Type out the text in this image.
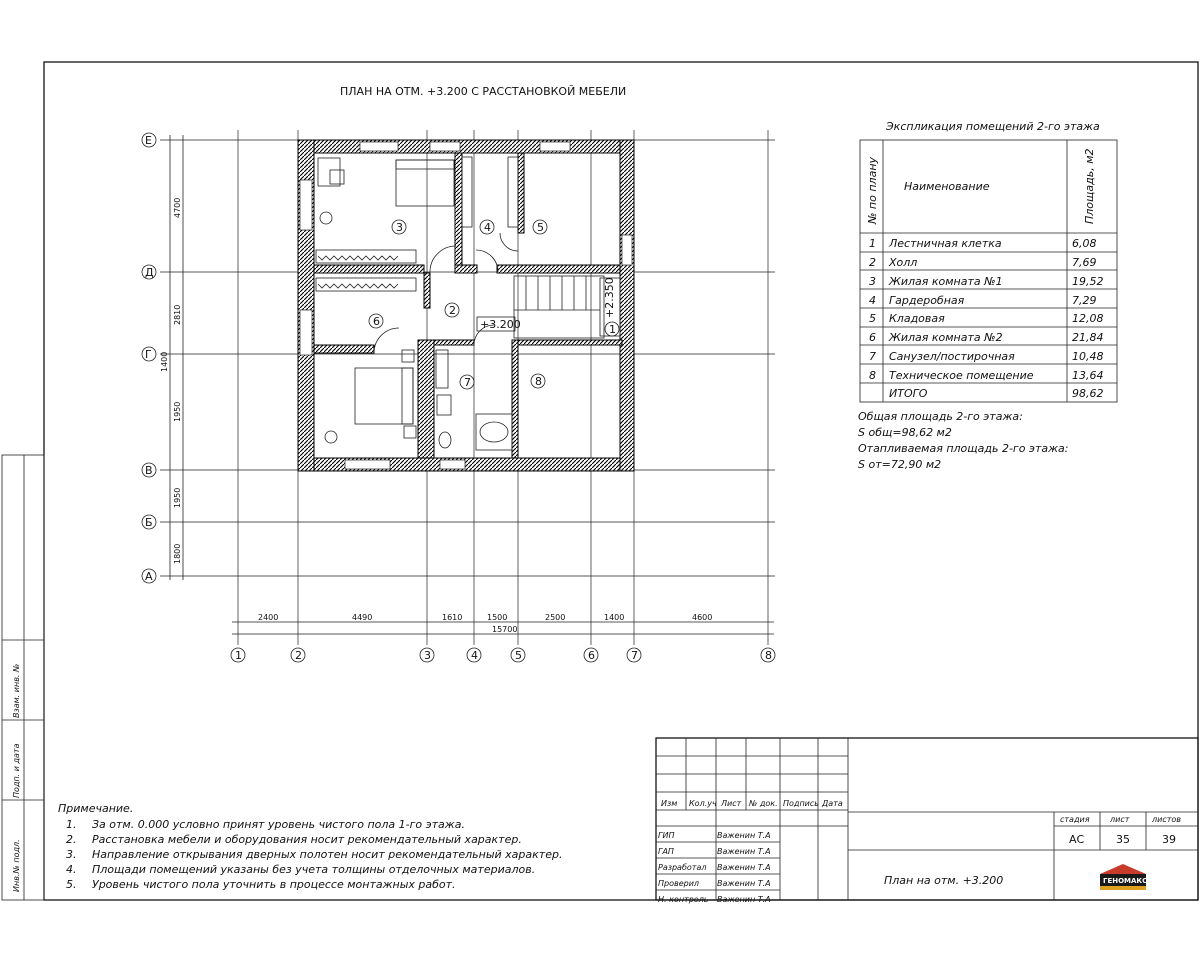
Взам. инв. №
Подп. и дата
Инв.№ подл.
ПЛАН НА ОТМ. +3.200 С РАССТАНОВКОЙ МЕБЕЛИ
Е
Д
Г
В
Б
А
1	2	3	4	5	6	7	8
4700
2810
1400
1950
1950
1800
2400	4490	1610	1500	2500	1400	4600
15700
1
2
3	4	5
6
7	8
+3.200
+2.350
Экспликация помещений 2-го этажа
№ по плану Наименование	Площадь, м2
1 Лестничная клетка	6,08
2 Холл	7,69
3 Жилая комната №1	19,52
4 Гардеробная	7,29
5 Кладовая	12,08
6 Жилая комната №2	21,84
7 Санузел/постирочная	10,48
8 Техническое помещение	13,64
ИТОГО	98,62
Общая площадь 2-го этажа:
S общ=98,62 м2
Отапливаемая площадь 2-го этажа:
S от=72,90 м2
Примечание.
1. За отм. 0.000 условно принят уровень чистого пола 1-го этажа.
2. Расстановка мебели и оборудования носит рекомендательный характер.
3. Направление открывания дверных полотен носит рекомендательный характер.
4. Площади помещений указаны без учета толщины отделочных материалов.
5. Уровень чистого пола уточнить в процессе монтажных работ.
Изм Кол.уч Лист № док. Подпись Дата
стадия	лист	листов
АС	35	39
План на отм. +3.200	ГЕНОМАКС
ГИП	Важенин Т.А
ГАП	Важенин Т.А
Разработал Важенин Т.А
Проверил Важенин Т.А
Н. контроль Важенин Т.А
